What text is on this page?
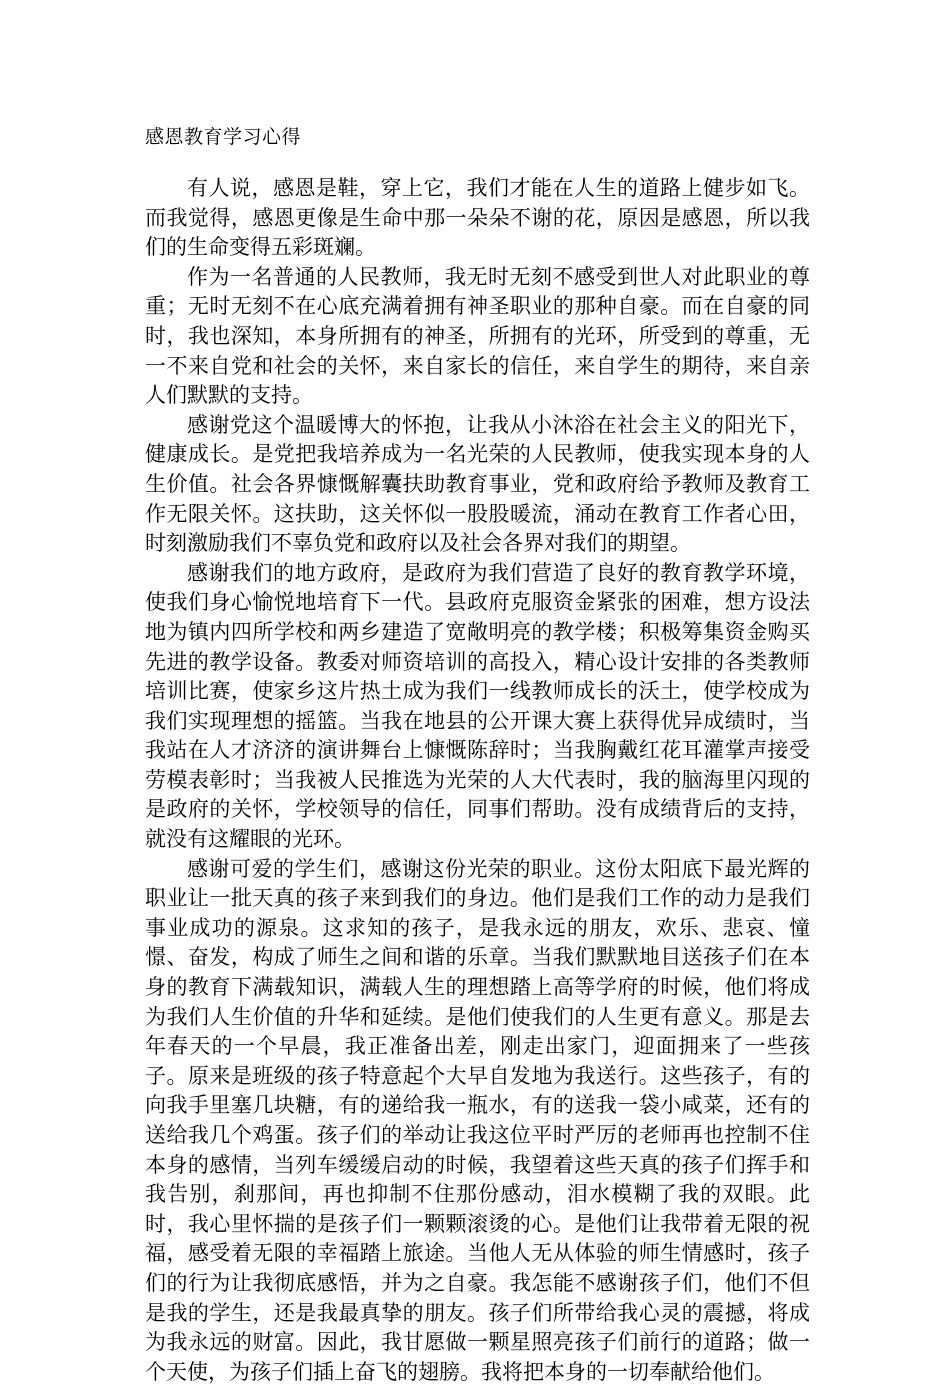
感恩教育学习心得

有人说，感恩是鞋，穿上它，我们才能在人生的道路上健步如飞。而我觉得，感恩更像是生命中那一朵朵不谢的花，原因是感恩，所以我们的生命变得五彩斑斓。

作为一名普通的人民教师，我无时无刻不感受到世人对此职业的尊重；无时无刻不在心底充满着拥有神圣职业的那种自豪。而在自豪的同时，我也深知，本身所拥有的神圣，所拥有的光环，所受到的尊重，无一不来自党和社会的关怀，来自家长的信任，来自学生的期待，来自亲人们默默的支持。

感谢党这个温暖博大的怀抱，让我从小沐浴在社会主义的阳光下，健康成长。是党把我培养成为一名光荣的人民教师，使我实现本身的人生价值。社会各界慷慨解囊扶助教育事业，党和政府给予教师及教育工作无限关怀。这扶助，这关怀似一股股暖流，涌动在教育工作者心田，时刻激励我们不辜负党和政府以及社会各界对我们的期望。

感谢我们的地方政府，是政府为我们营造了良好的教育教学环境，使我们身心愉悦地培育下一代。县政府克服资金紧张的困难，想方设法地为镇内四所学校和两乡建造了宽敞明亮的教学楼；积极筹集资金购买先进的教学设备。教委对师资培训的高投入，精心设计安排的各类教师培训比赛，使家乡这片热土成为我们一线教师成长的沃土，使学校成为我们实现理想的摇篮。当我在地县的公开课大赛上获得优异成绩时，当我站在人才济济的演讲舞台上慷慨陈辞时；当我胸戴红花耳灌掌声接受劳模表彰时；当我被人民推选为光荣的人大代表时，我的脑海里闪现的是政府的关怀，学校领导的信任，同事们帮助。没有成绩背后的支持，就没有这耀眼的光环。

感谢可爱的学生们，感谢这份光荣的职业。这份太阳底下最光辉的职业让一批天真的孩子来到我们的身边。他们是我们工作的动力是我们事业成功的源泉。这求知的孩子，是我永远的朋友，欢乐、悲哀、憧憬、奋发，构成了师生之间和谐的乐章。当我们默默地目送孩子们在本身的教育下满载知识，满载人生的理想踏上高等学府的时候，他们将成为我们人生价值的升华和延续。是他们使我们的人生更有意义。那是去年春天的一个早晨，我正准备出差，刚走出家门，迎面拥来了一些孩子。原来是班级的孩子特意起个大早自发地为我送行。这些孩子，有的向我手里塞几块糖，有的递给我一瓶水，有的送我一袋小咸菜，还有的送给我几个鸡蛋。孩子们的举动让我这位平时严厉的老师再也控制不住本身的感情，当列车缓缓启动的时候，我望着这些天真的孩子们挥手和我告别，刹那间，再也抑制不住那份感动，泪水模糊了我的双眼。此时，我心里怀揣的是孩子们一颗颗滚烫的心。是他们让我带着无限的祝福，感受着无限的幸福踏上旅途。当他人无从体验的师生情感时，孩子们的行为让我彻底感悟，并为之自豪。我怎能不感谢孩子们，他们不但是我的学生，还是我最真挚的朋友。孩子们所带给我心灵的震撼，将成为我永远的财富。因此，我甘愿做一颗星照亮孩子们前行的道路；做一个天使，为孩子们插上奋飞的翅膀。我将把本身的一切奉献给他们。
